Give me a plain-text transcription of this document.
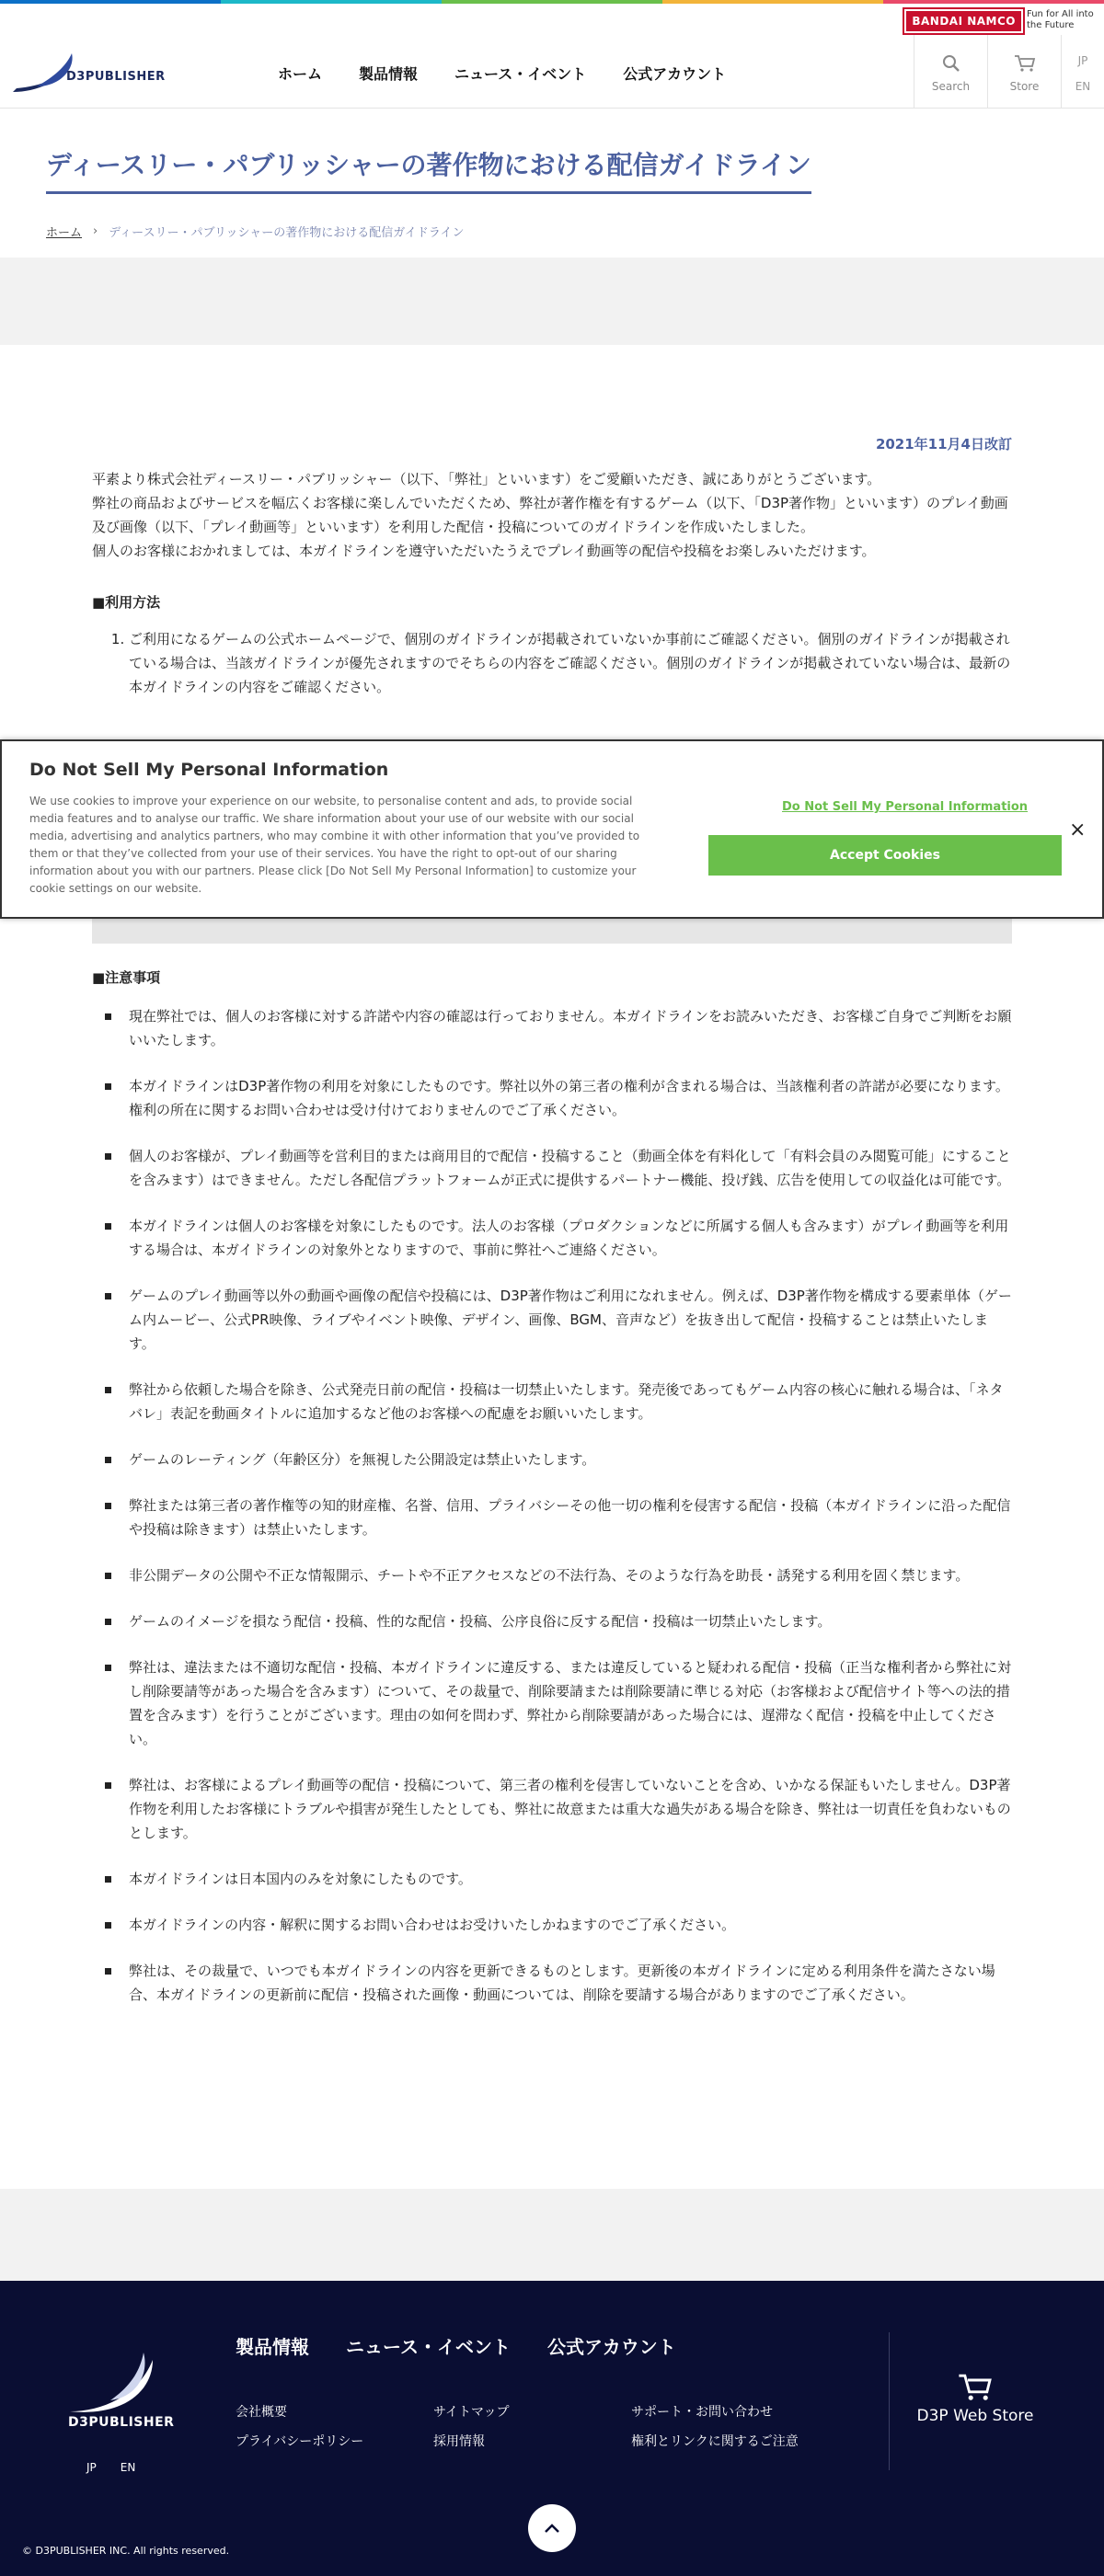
BANDAI NAMCO
Fun for All into the Future
D3PUBLISHER	ホーム	製品情報	ニュース・イベント	公式アカウント
Search	Store
JP
EN
ディースリー・パブリッシャーの著作物における配信ガイドライン
ホーム › ディースリー・パブリッシャーの著作物における配信ガイドライン
2021年11月4日改訂

平素より株式会社ディースリー・パブリッシャー（以下、「弊社」といいます）をご愛顧いただき、誠にありがとうございます。

弊社の商品およびサービスを幅広くお客様に楽しんでいただくため、弊社が著作権を有するゲーム（以下、「D3P著作物」といいます）のプレイ動画及び画像（以下、「プレイ動画等」といいます）を利用した配信・投稿についてのガイドラインを作成いたしました。

個人のお客様におかれましては、本ガイドラインを遵守いただいたうえでプレイ動画等の配信や投稿をお楽しみいただけます。

■利用方法
1. ご利用になるゲームの公式ホームページで、個別のガイドラインが掲載されていないか事前にご確認ください。個別のガイドラインが掲載されている場合は、当該ガイドラインが優先されますのでそちらの内容をご確認ください。個別のガイドラインが掲載されていない場合は、最新の本ガイドラインの内容をご確認ください。
■注意事項
現在弊社では、個人のお客様に対する許諾や内容の確認は行っておりません。本ガイドラインをお読みいただき、お客様ご自身でご判断をお願いいたします。
本ガイドラインはD3P著作物の利用を対象にしたものです。弊社以外の第三者の権利が含まれる場合は、当該権利者の許諾が必要になります。権利の所在に関するお問い合わせは受け付けておりませんのでご了承ください。
個人のお客様が、プレイ動画等を営利目的または商用目的で配信・投稿すること（動画全体を有料化して「有料会員のみ閲覧可能」にすることを含みます）はできません。ただし各配信プラットフォームが正式に提供するパートナー機能、投げ銭、広告を使用しての収益化は可能です。
本ガイドラインは個人のお客様を対象にしたものです。法人のお客様（プロダクションなどに所属する個人も含みます）がプレイ動画等を利用する場合は、本ガイドラインの対象外となりますので、事前に弊社へご連絡ください。
ゲームのプレイ動画等以外の動画や画像の配信や投稿には、D3P著作物はご利用になれません。例えば、D3P著作物を構成する要素単体（ゲーム内ムービー、公式PR映像、ライブやイベント映像、デザイン、画像、BGM、音声など）を抜き出して配信・投稿することは禁止いたします。
弊社から依頼した場合を除き、公式発売日前の配信・投稿は一切禁止いたします。発売後であってもゲーム内容の核心に触れる場合は、「ネタバレ」表記を動画タイトルに追加するなど他のお客様への配慮をお願いいたします。
ゲームのレーティング（年齢区分）を無視した公開設定は禁止いたします。
弊社または第三者の著作権等の知的財産権、名誉、信用、プライバシーその他一切の権利を侵害する配信・投稿（本ガイドラインに沿った配信や投稿は除きます）は禁止いたします。
非公開データの公開や不正な情報開示、チートや不正アクセスなどの不法行為、そのような行為を助長・誘発する利用を固く禁じます。
ゲームのイメージを損なう配信・投稿、性的な配信・投稿、公序良俗に反する配信・投稿は一切禁止いたします。
弊社は、違法または不適切な配信・投稿、本ガイドラインに違反する、または違反していると疑われる配信・投稿（正当な権利者から弊社に対し削除要請等があった場合を含みます）について、その裁量で、削除要請または削除要請に準じる対応（お客様および配信サイト等への法的措置を含みます）を行うことがございます。理由の如何を問わず、弊社から削除要請があった場合には、遅滞なく配信・投稿を中止してください。
弊社は、お客様によるプレイ動画等の配信・投稿について、第三者の権利を侵害していないことを含め、いかなる保証もいたしません。D3P著作物を利用したお客様にトラブルや損害が発生したとしても、弊社に故意または重大な過失がある場合を除き、弊社は一切責任を負わないものとします。
本ガイドラインは日本国内のみを対象にしたものです。
本ガイドラインの内容・解釈に関するお問い合わせはお受けいたしかねますのでご了承ください。
弊社は、その裁量で、いつでも本ガイドラインの内容を更新できるものとします。更新後の本ガイドラインに定める利用条件を満たさない場合、本ガイドラインの更新前に配信・投稿された画像・動画については、削除を要請する場合がありますのでご了承ください。
Do Not Sell My Personal Information
We use cookies to improve your experience on our website, to personalise content and ads, to provide social media features and to analyse our traffic. We share information about your use of our website with our social media, advertising and analytics partners, who may combine it with other information that you’ve provided to them or that they’ve collected from your use of their services. You have the right to opt-out of our sharing information about you with our partners. Please click [Do Not Sell My Personal Information] to customize your cookie settings on our website.
Do Not Sell My Personal Information
×
Accept Cookies
D3PUBLISHER
JP EN
製品情報 ニュース・イベント 公式アカウント
会社概要	サイトマップ	サポート・お問い合わせ
プライバシーポリシー	採用情報	権利とリンクに関するご注意
D3P Web Store
© D3PUBLISHER INC. All rights reserved.
